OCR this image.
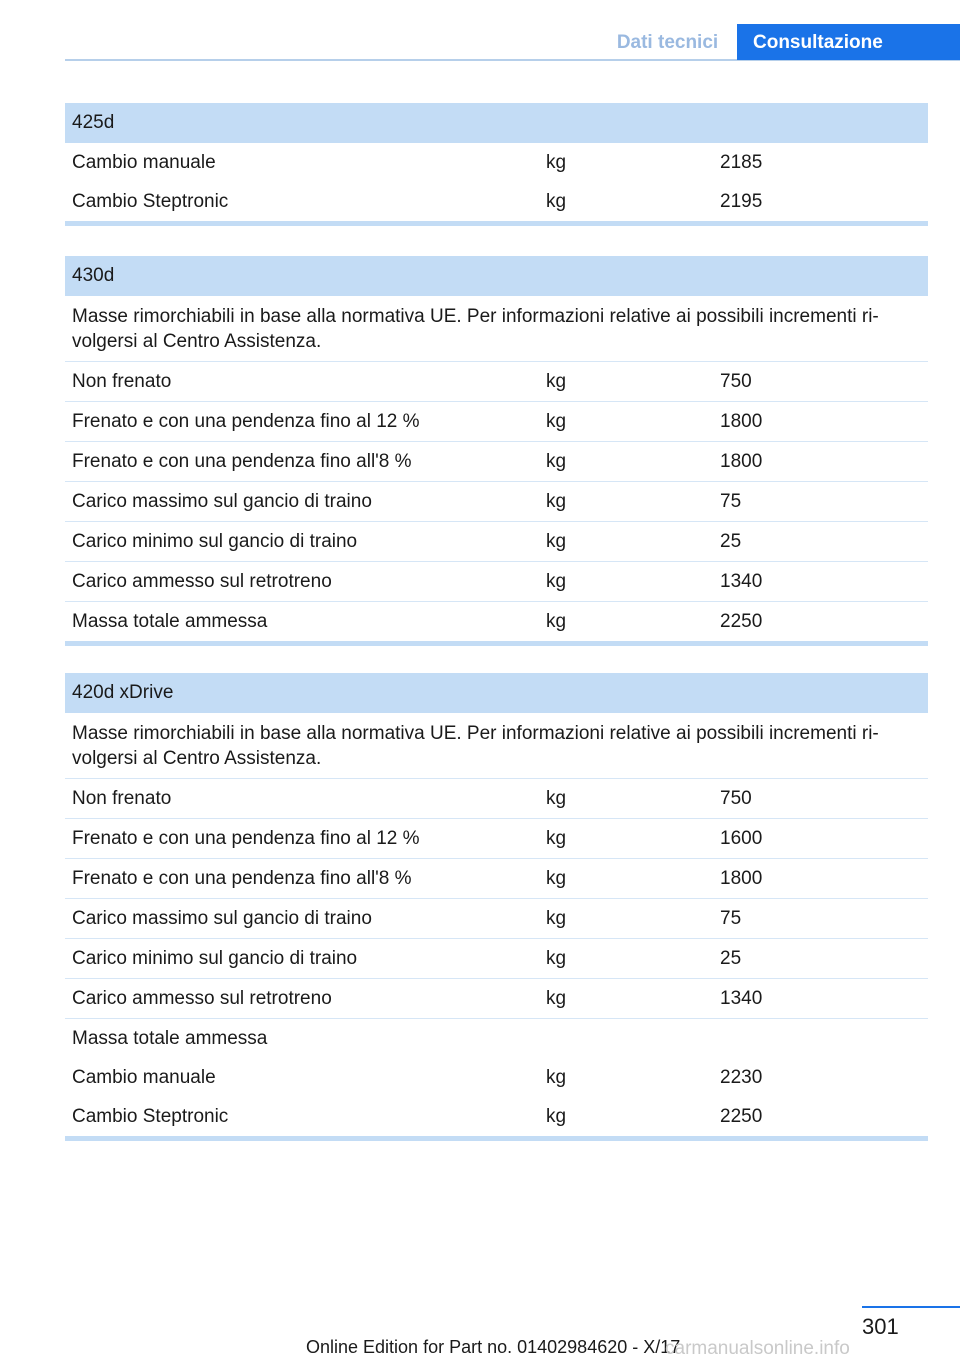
Dati tecnici	Consultazione
425d		
Cambio manuale	kg	2185
Cambio Steptronic	kg	2195
430d		
Masse rimorchiabili in base alla normativa UE. Per informazioni relative ai possibili incrementi ri‐volgersi al Centro Assistenza.		
Non frenato	kg	750
Frenato e con una pendenza fino al 12 %	kg	1800
Frenato e con una pendenza fino all'8 %	kg	1800
Carico massimo sul gancio di traino	kg	75
Carico minimo sul gancio di traino	kg	25
Carico ammesso sul retrotreno	kg	1340
Massa totale ammessa	kg	2250
420d xDrive		
Masse rimorchiabili in base alla normativa UE. Per informazioni relative ai possibili incrementi ri‐volgersi al Centro Assistenza.		
Non frenato	kg	750
Frenato e con una pendenza fino al 12 %	kg	1600
Frenato e con una pendenza fino all'8 %	kg	1800
Carico massimo sul gancio di traino	kg	75
Carico minimo sul gancio di traino	kg	25
Carico ammesso sul retrotreno	kg	1340
Massa totale ammessa		
Cambio manuale	kg	2230
Cambio Steptronic	kg	2250
301
Online Edition for Part no. 01402984620 - X/17
carmanualsonline.info
